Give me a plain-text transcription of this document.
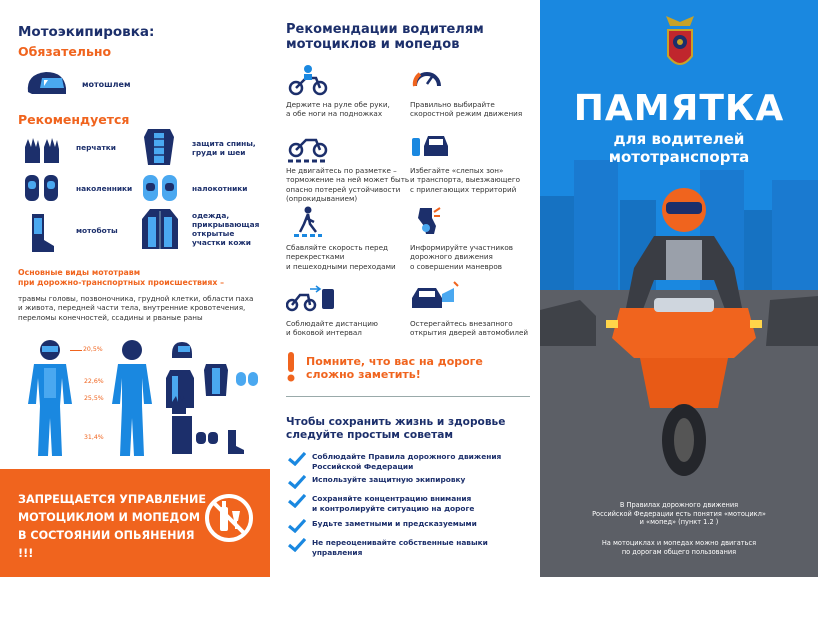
Мотоэкипировка:
Обязательно
мотошлем
Рекомендуется
перчатки	защита спины, груди и шеи
наколенники	налокотники
мотоботы
одежда, прикрывающая открытые участки кожи
Основные виды мототравм
при дорожно-транспортных происшествиях –
травмы головы, позвоночника, грудной клетки, области паха
и живота, передней части тела, внутренние кровотечения,
переломы конечностей, ссадины и рваные раны
20,5%
22,6%
25,5%
31,4%
ЗАПРЕЩАЕТСЯ УПРАВЛЕНИЕ МОТОЦИКЛОМ И МОПЕДОМ В СОСТОЯНИИ ОПЬЯНЕНИЯ !!!
Рекомендации водителям
мотоциклов и мопедов
Держите на руле обе руки,
а обе ноги на подножках
Правильно выбирайте
скоростной режим движения
Не двигайтесь по разметке –
торможение на ней может быть
опасно потерей устойчивости
(опрокидыванием)
Избегайте «слепых зон»
и транспорта, выезжающего
с прилегающих территорий
Сбавляйте скорость перед
перекрестками
и пешеходными переходами
Информируйте участников
дорожного движения
о совершении маневров
Соблюдайте дистанцию
и боковой интервал
Остерегайтесь внезапного
открытия дверей автомобилей
Помните, что вас на дороге
сложно заметить!
Чтобы сохранить жизнь и здоровье
следуйте простым советам
Соблюдайте Правила дорожного движения
Российской Федерации
Используйте защитную экипировку
Сохраняйте концентрацию внимания
и контролируйте ситуацию на дороге
Будьте заметными и предсказуемыми
Не переоценивайте собственные навыки
управления
ПАМЯТКА
для водителей
мототранспорта
В Правилах дорожного движения
Российской Федерации есть понятия «мотоцикл»
и «мопед» (пункт 1.2 )
На мотоциклах и мопедах можно двигаться
по дорогам общего пользования
